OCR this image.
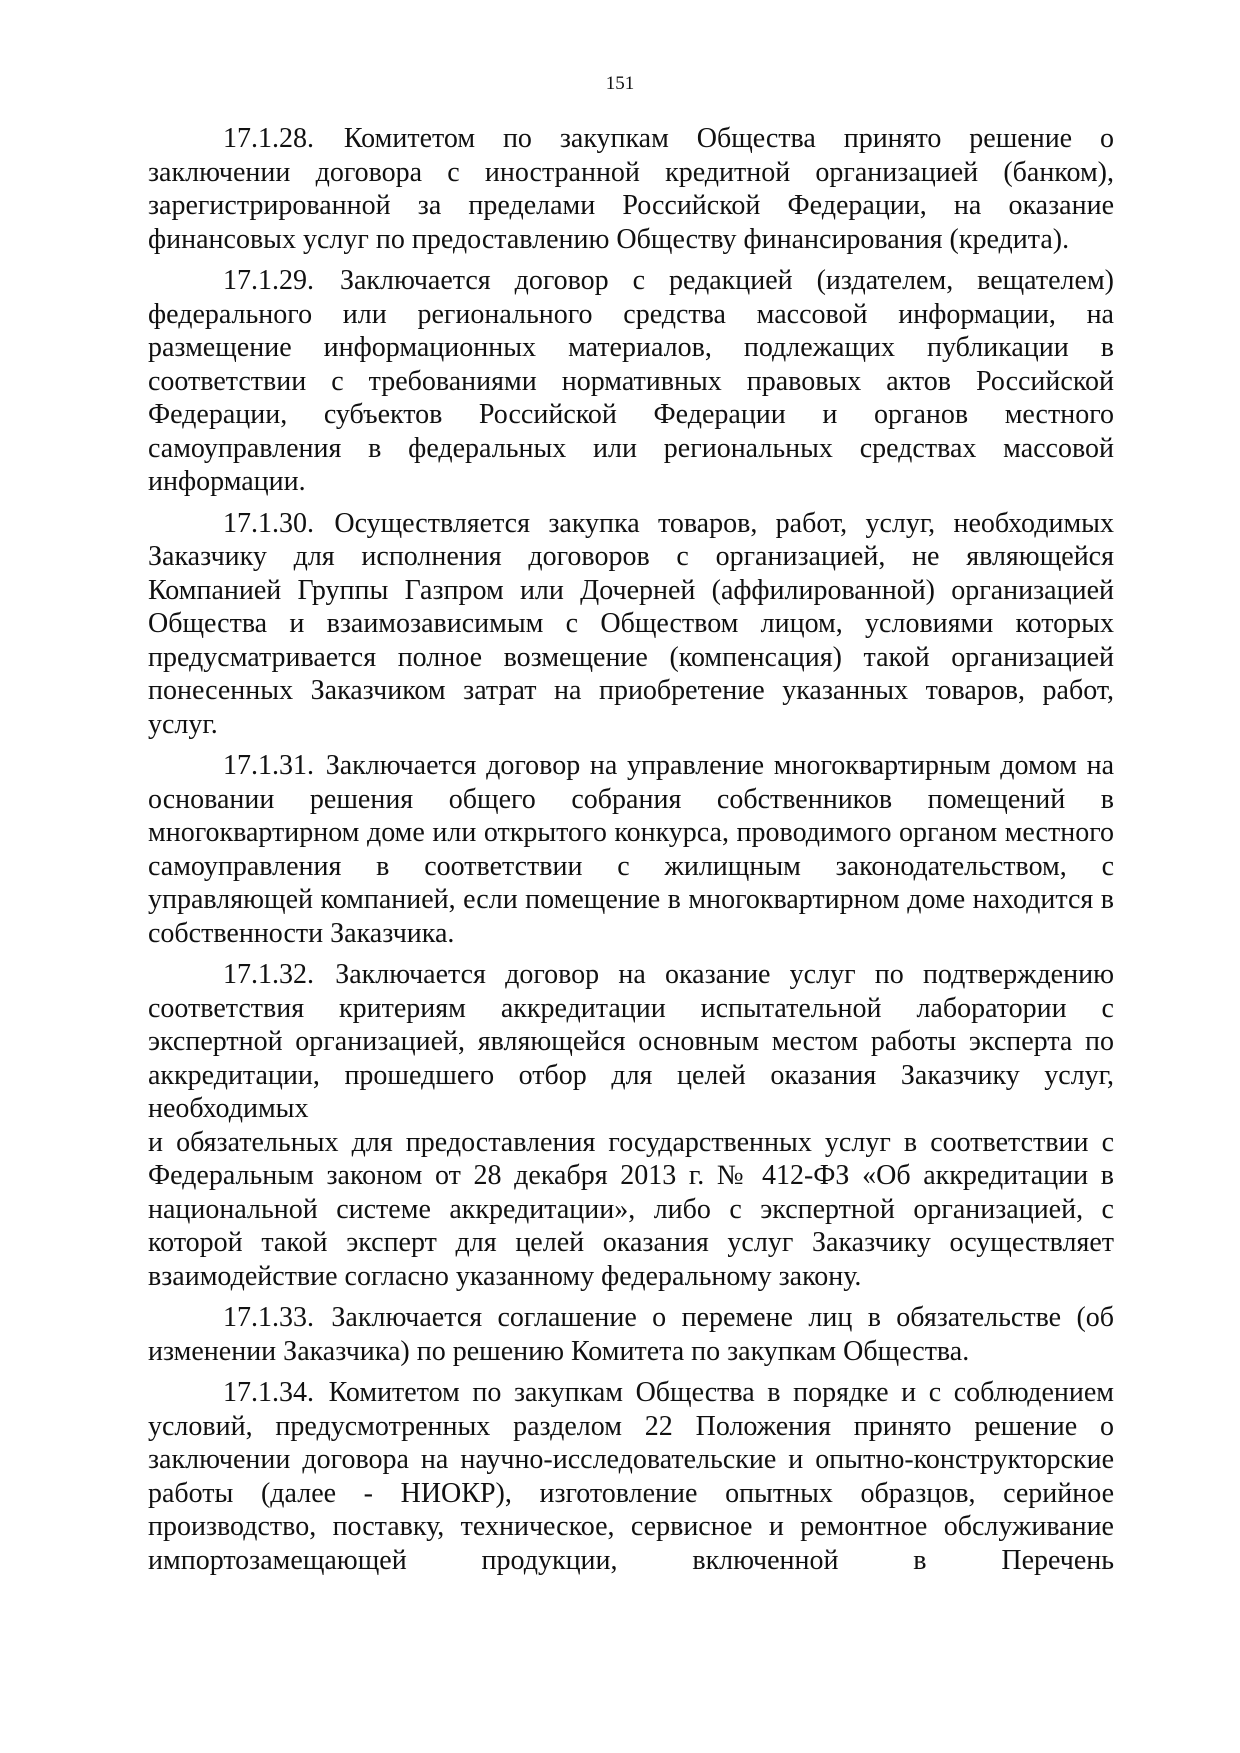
151

17.1.28. Комитетом по закупкам Общества принято решение о заключении договора с иностранной кредитной организацией (банком), зарегистрированной за пределами Российской Федерации, на оказание финансовых услуг по предоставлению Обществу финансирования (кредита).

17.1.29. Заключается договор с редакцией (издателем, вещателем) федерального или регионального средства массовой информации, на размещение информационных материалов, подлежащих публикации в соответствии с требованиями нормативных правовых актов Российской Федерации, субъектов Российской Федерации и органов местного самоуправления в федеральных или региональных средствах массовой информации.

17.1.30. Осуществляется закупка товаров, работ, услуг, необходимых Заказчику для исполнения договоров с организацией, не являющейся Компанией Группы Газпром или Дочерней (аффилированной) организацией Общества и взаимозависимым с Обществом лицом, условиями которых предусматривается полное возмещение (компенсация) такой организацией понесенных Заказчиком затрат на приобретение указанных товаров, работ, услуг.

17.1.31. Заключается договор на управление многоквартирным домом на основании решения общего собрания собственников помещений в многоквартирном доме или открытого конкурса, проводимого органом местного самоуправления в соответствии с жилищным законодательством, с управляющей компанией, если помещение в многоквартирном доме находится в собственности Заказчика.

17.1.32. Заключается договор на оказание услуг по подтверждению соответствия критериям аккредитации испытательной лаборатории с экспертной организацией, являющейся основным местом работы эксперта по аккредитации, прошедшего отбор для целей оказания Заказчику услуг, необходимых
и обязательных для предоставления государственных услуг в соответствии с Федеральным законом от 28 декабря 2013 г. № 412-ФЗ «Об аккредитации в национальной системе аккредитации», либо с экспертной организацией, с которой такой эксперт для целей оказания услуг Заказчику осуществляет взаимодействие согласно указанному федеральному закону.

17.1.33. Заключается соглашение о перемене лиц в обязательстве (об изменении Заказчика) по решению Комитета по закупкам Общества.

17.1.34. Комитетом по закупкам Общества в порядке и с соблюдением условий, предусмотренных разделом 22 Положения принято решение о заключении договора на научно-исследовательские и опытно-конструкторские работы (далее - НИОКР), изготовление опытных образцов, серийное производство, поставку, техническое, сервисное и ремонтное обслуживание импортозамещающей продукции, включенной в Перечень
